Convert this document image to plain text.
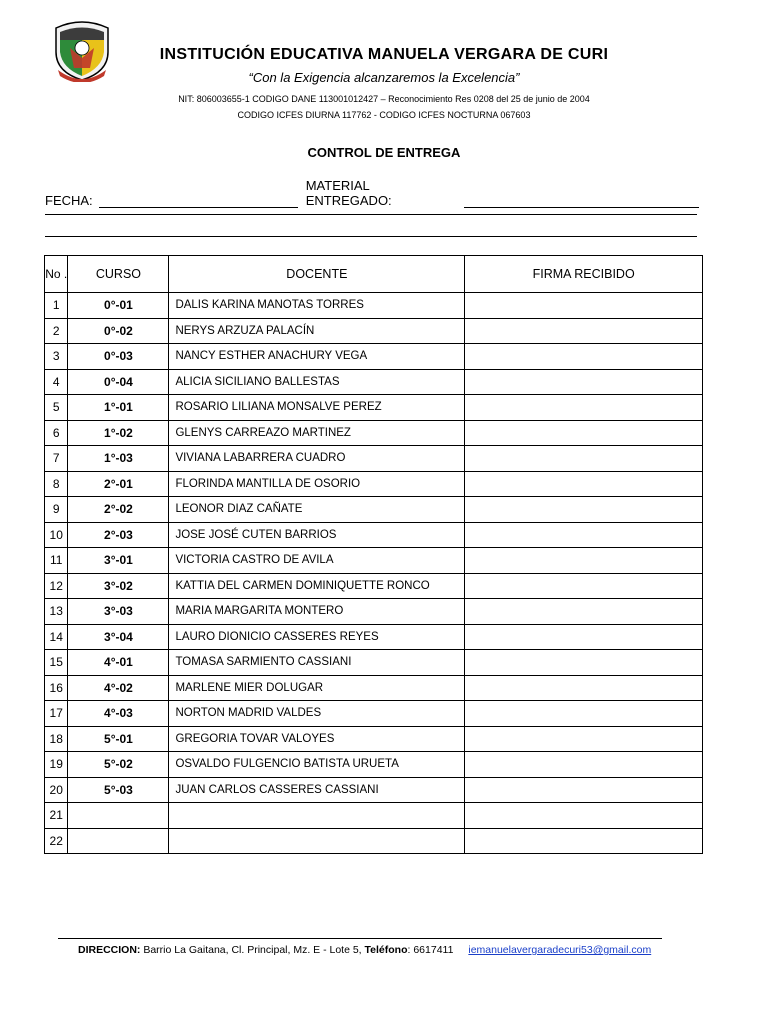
INSTITUCIÓN EDUCATIVA MANUELA VERGARA DE CURI
“Con la Exigencia alcanzaremos la Excelencia”
NIT: 806003655-1 CODIGO DANE 113001012427 – Reconocimiento Res 0208 del 25 de junio de 2004
CODIGO ICFES DIURNA 117762 - CODIGO ICFES NOCTURNA 067603
CONTROL DE ENTREGA
FECHA:
MATERIAL ENTREGADO:
No .	CURSO	DOCENTE	FIRMA RECIBIDO
1	0°-01	DALIS KARINA MANOTAS TORRES	
2	0°-02	NERYS ARZUZA PALACÍN	
3	0°-03	NANCY ESTHER ANACHURY VEGA	
4	0°-04	ALICIA SICILIANO BALLESTAS	
5	1°-01	ROSARIO LILIANA MONSALVE PEREZ	
6	1°-02	GLENYS CARREAZO MARTINEZ	
7	1°-03	VIVIANA LABARRERA CUADRO	
8	2°-01	FLORINDA MANTILLA DE OSORIO	
9	2°-02	LEONOR DIAZ CAÑATE	
10	2°-03	JOSE JOSÉ CUTEN BARRIOS	
11	3°-01	VICTORIA CASTRO DE AVILA	
12	3°-02	KATTIA DEL CARMEN DOMINIQUETTE RONCO	
13	3°-03	MARIA MARGARITA MONTERO	
14	3°-04	LAURO DIONICIO CASSERES REYES	
15	4°-01	TOMASA SARMIENTO CASSIANI	
16	4°-02	MARLENE MIER DOLUGAR	
17	4°-03	NORTON MADRID VALDES	
18	5°-01	GREGORIA TOVAR VALOYES	
19	5°-02	OSVALDO FULGENCIO BATISTA URUETA	
20	5°-03	JUAN CARLOS CASSERES CASSIANI	
21			
22			
DIRECCION: Barrio La Gaitana, Cl. Principal, Mz. E - Lote 5, Teléfono: 6617411 iemanuelavergaradecuri53@gmail.com
